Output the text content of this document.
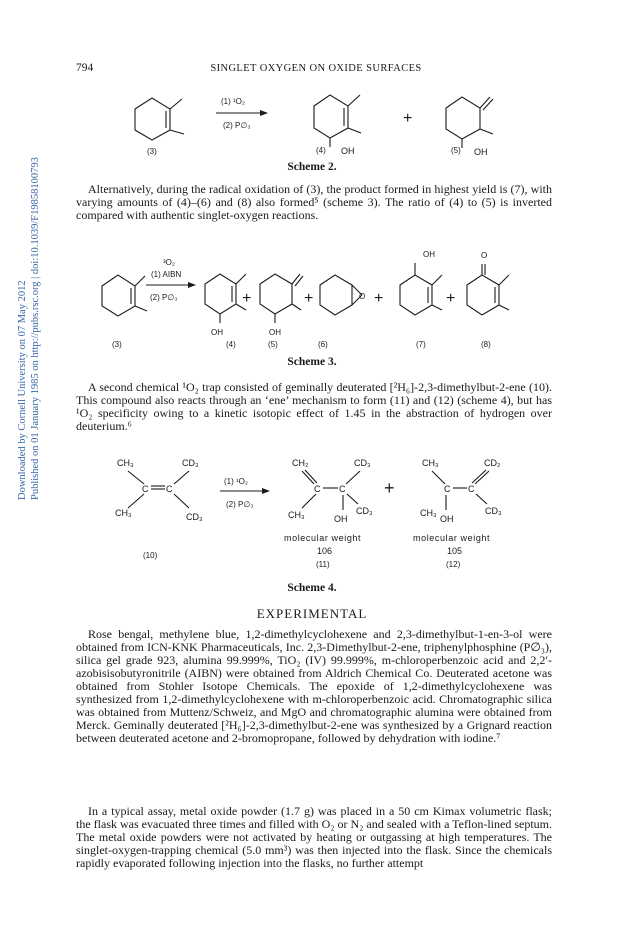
794	SINGLET OXYGEN ON OXIDE SURFACES
Downloaded by Cornell University on 07 May 2012 Published on 01 January 1985 on http://pubs.rsc.org | doi:10.1039/F19858100793
(3)
(1) ¹O₂
(2) P∅₃
(4) OH
+
(5) OH
Scheme 2.

Alternatively, during the radical oxidation of (3), the product formed in highest yield is (7), with varying amounts of (4)–(6) and (8) also formed⁵ (scheme 3). The ratio of (4) to (5) is inverted compared with authentic singlet-oxygen reactions.

(3)
³O₂
(1) AIBN
(2) P∅₃	+
OH
(4)
+
OH
(5)
O +
(6)
OH
+
(7)
O
(8)
Scheme 3.

A second chemical ¹O₂ trap consisted of geminally deuterated [²H₆]-2,3-dimethylbut-2-ene (10). This compound also reacts through an ‘ene’ mechanism to form (11) and (12) (scheme 4), but has ¹O₂ specificity owing to a kinetic isotopic effect of 1.45 in the abstraction of hydrogen over deuterium.⁶

CH₃	CD₃
C C
CH₃	CD₃
(10)
(1) ¹O₂
(2) P∅₃
CH₂	CD₃
C C
CH₃	OH
CD₃
+
molecular weight
106
(11)
CH₃	CD₂
C C
CH₃
OH
CD₃
molecular weight
105
(12)
Scheme 4.
EXPERIMENTAL

Rose bengal, methylene blue, 1,2-dimethylcyclohexene and 2,3-dimethylbut-1-en-3-ol were obtained from ICN-KNK Pharmaceuticals, Inc. 2,3-Dimethylbut-2-ene, triphenylphosphine (P∅₃), silica gel grade 923, alumina 99.999%, TiO₂ (IV) 99.999%, m-chloroperbenzoic acid and 2,2′-azobisisobutyronitrile (AIBN) were obtained from Aldrich Chemical Co. Deuterated acetone was obtained from Stohler Isotope Chemicals. The epoxide of 1,2-dimethylcyclohexene was synthesized from 1,2-dimethylcyclohexene with m-chloroperbenzoic acid. Chromatographic silica was obtained from Muttenz/Schweiz, and MgO and chromatographic alumina were obtained from Merck. Geminally deuterated [²H₆]-2,3-dimethylbut-2-ene was synthesized by a Grignard reaction between deuterated acetone and 2-bromopropane, followed by dehydration with iodine.⁷

In a typical assay, metal oxide powder (1.7 g) was placed in a 50 cm Kimax volumetric flask; the flask was evacuated three times and filled with O₂ or N₂ and sealed with a Teflon-lined septum. The metal oxide powders were not activated by heating or outgassing at high temperatures. The singlet-oxygen-trapping chemical (5.0 mm³) was then injected into the flask. Since the chemicals rapidly evaporated following injection into the flasks, no further attempt
